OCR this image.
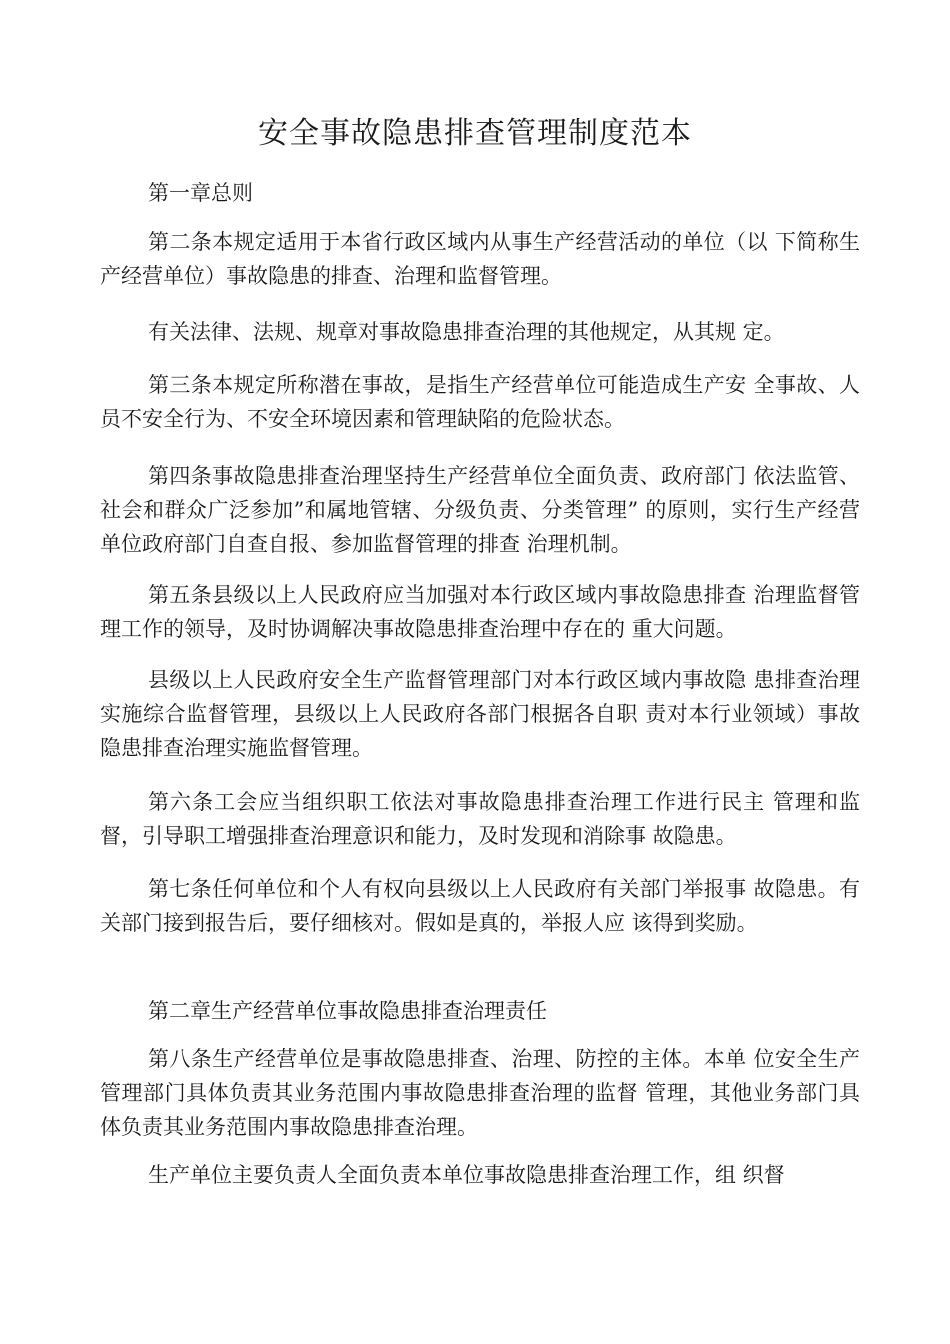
安全事故隐患排查管理制度范本
第一章总则
第二条本规定适用于本省行政区域内从事生产经营活动的单位（以 下简称生产经营单位）事故隐患的排查、治理和监督管理。
有关法律、法规、规章对事故隐患排查治理的其他规定，从其规 定。
第三条本规定所称潜在事故，是指生产经营单位可能造成生产安 全事故、人员不安全行为、不安全环境因素和管理缺陷的危险状态。
第四条事故隐患排查治理坚持生产经营单位全面负责、政府部门 依法监管、社会和群众广泛参加”和属地管辖、分级负责、分类管理” 的原则，实行生产经营单位政府部门自查自报、参加监督管理的排查 治理机制。
第五条县级以上人民政府应当加强对本行政区域内事故隐患排查 治理监督管理工作的领导，及时协调解决事故隐患排查治理中存在的 重大问题。
县级以上人民政府安全生产监督管理部门对本行政区域内事故隐 患排查治理实施综合监督管理，县级以上人民政府各部门根据各自职 责对本行业领域）事故隐患排查治理实施监督管理。
第六条工会应当组织职工依法对事故隐患排查治理工作进行民主 管理和监督，引导职工增强排查治理意识和能力，及时发现和消除事 故隐患。
第七条任何单位和个人有权向县级以上人民政府有关部门举报事 故隐患。有关部门接到报告后，要仔细核对。假如是真的，举报人应 该得到奖励。
第二章生产经营单位事故隐患排查治理责任
第八条生产经营单位是事故隐患排查、治理、防控的主体。本单 位安全生产管理部门具体负责其业务范围内事故隐患排查治理的监督 管理，其他业务部门具体负责其业务范围内事故隐患排查治理。
生产单位主要负责人全面负责本单位事故隐患排查治理工作，组 织督
